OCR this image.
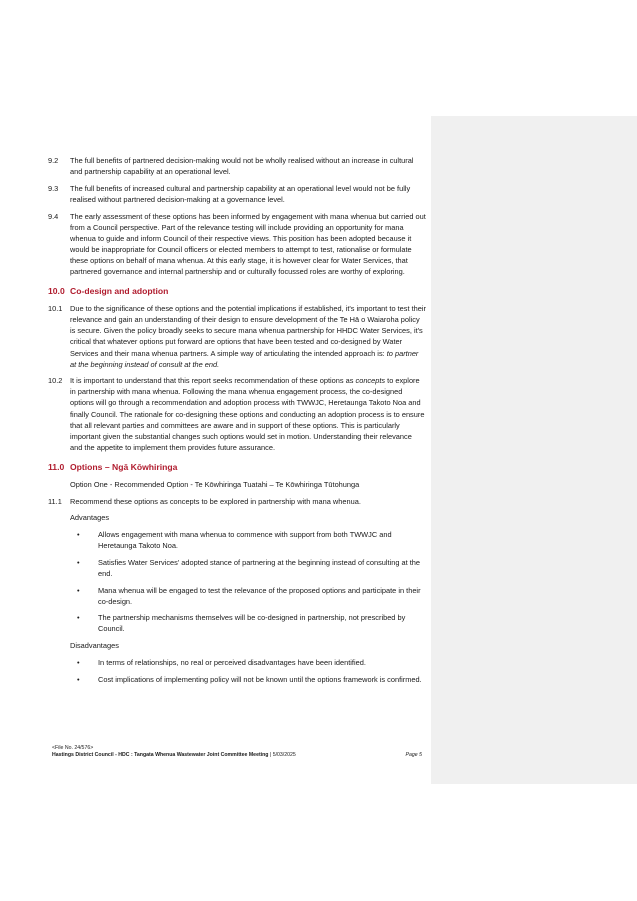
9.2 The full benefits of partnered decision-making would not be wholly realised without an increase in cultural and partnership capability at an operational level.
9.3 The full benefits of increased cultural and partnership capability at an operational level would not be fully realised without partnered decision-making at a governance level.
9.4 The early assessment of these options has been informed by engagement with mana whenua but carried out from a Council perspective. Part of the relevance testing will include providing an opportunity for mana whenua to guide and inform Council of their respective views. This position has been adopted because it would be inappropriate for Council officers or elected members to attempt to test, rationalise or formulate these options on behalf of mana whenua. At this early stage, it is however clear for Water Services, that partnered governance and internal partnership and or culturally focussed roles are worthy of exploring.
10.0 Co-design and adoption
10.1 Due to the significance of these options and the potential implications if established, it's important to test their relevance and gain an understanding of their design to ensure development of the Te Hā o Waiaroha policy is secure. Given the policy broadly seeks to secure mana whenua partnership for HHDC Water Services, it's critical that whatever options put forward are options that have been tested and co-designed by Water Services and their mana whenua partners. A simple way of articulating the intended approach is: to partner at the beginning instead of consult at the end.
10.2 It is important to understand that this report seeks recommendation of these options as concepts to explore in partnership with mana whenua. Following the mana whenua engagement process, the co-designed options will go through a recommendation and adoption process with TWWJC, Heretaunga Takoto Noa and finally Council. The rationale for co-designing these options and conducting an adoption process is to ensure that all relevant parties and committees are aware and in support of these options. This is particularly important given the substantial changes such options would set in motion. Understanding their relevance and the appetite to implement them provides future assurance.
11.0 Options – Ngā Kōwhiringa
Option One - Recommended Option - Te Kōwhiringa Tuatahi – Te Kōwhiringa Tūtohunga
11.1 Recommend these options as concepts to be explored in partnership with mana whenua.
Advantages
• Allows engagement with mana whenua to commence with support from both TWWJC and Heretaunga Takoto Noa.
• Satisfies Water Services' adopted stance of partnering at the beginning instead of consulting at the end.
• Mana whenua will be engaged to test the relevance of the proposed options and participate in their co-design.
• The partnership mechanisms themselves will be co-designed in partnership, not prescribed by Council.
Disadvantages
• In terms of relationships, no real or perceived disadvantages have been identified.
• Cost implications of implementing policy will not be known until the options framework is confirmed.
<File No. 24/576>
Hastings District Council - HDC : Tangata Whenua Wastewater Joint Committee Meeting | 5/03/2025	Page 5
